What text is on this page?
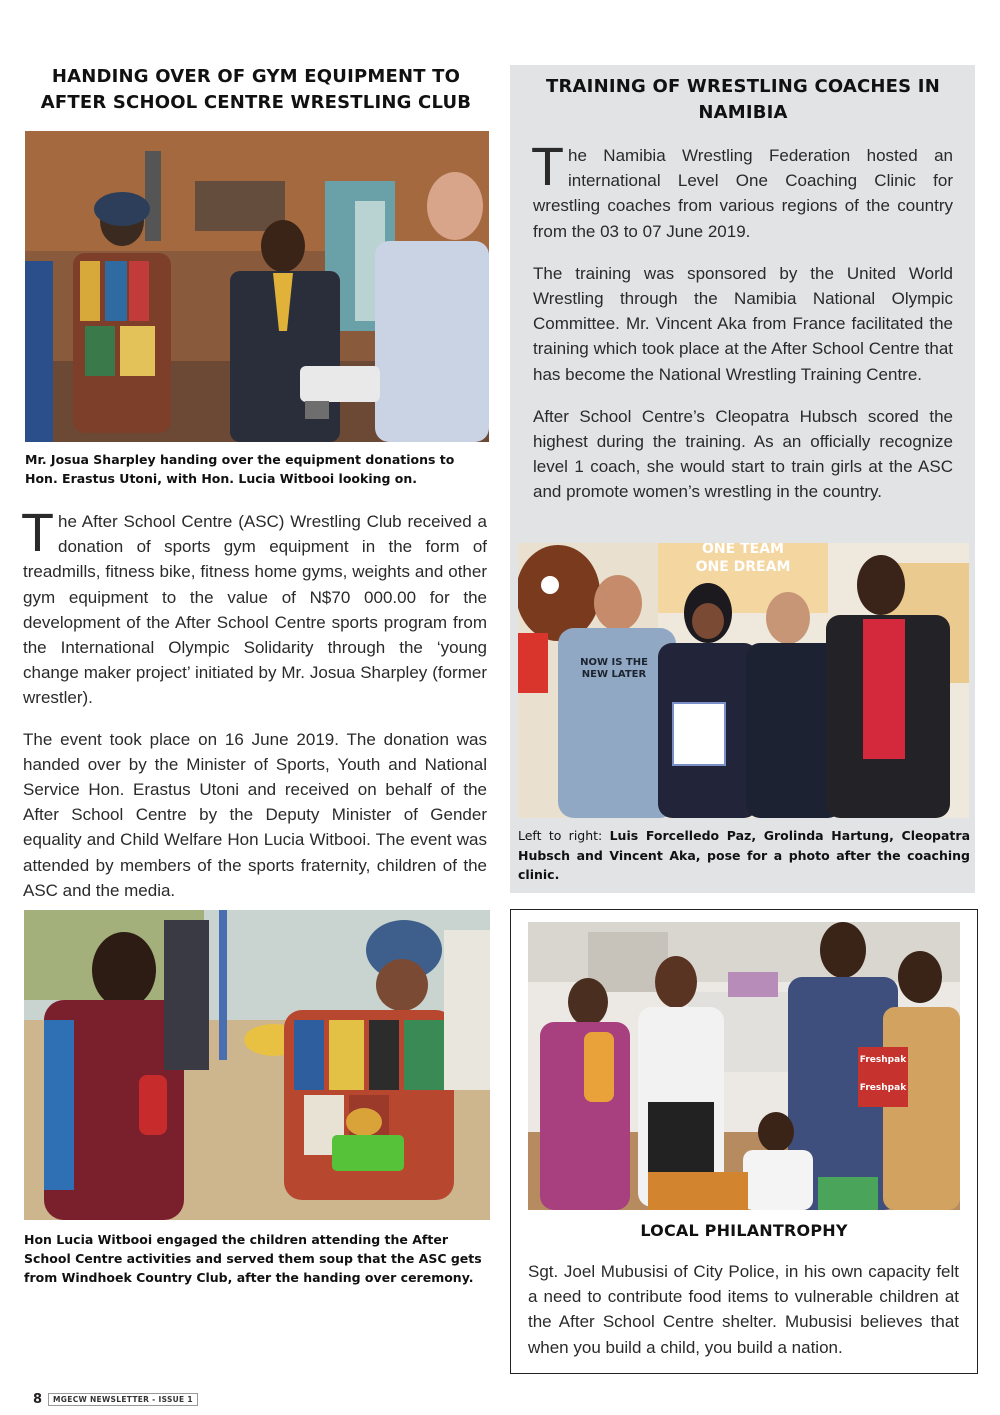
HANDING OVER OF GYM EQUIPMENT TO AFTER SCHOOL CENTRE WRESTLING CLUB

Mr. Josua Sharpley handing over the equipment donations to Hon. Erastus Utoni, with Hon. Lucia Witbooi looking on.

The After School Centre (ASC) Wrestling Club received a donation of sports gym equipment in the form of treadmills, fitness bike, fitness home gyms, weights and other gym equipment to the value of N$70 000.00 for the development of the After School Centre sports program from the International Olympic Solidarity through the ‘young change maker project’ initiated by Mr. Josua Sharpley (former wrestler).

The event took place on 16 June 2019. The donation was handed over by the Minister of Sports, Youth and National Service Hon. Erastus Utoni and received on behalf of the After School Centre by the Deputy Minister of Gender equality and Child Welfare Hon Lucia Witbooi. The event was attended by members of the sports fraternity, children of the ASC and the media.

Hon Lucia Witbooi engaged the children attending the After School Centre activities and served them soup that the ASC gets from Windhoek Country Club, after the handing over ceremony.

TRAINING OF WRESTLING COACHES IN NAMIBIA

The Namibia Wrestling Federation hosted an international Level One Coaching Clinic for wrestling coaches from various regions of the country from the 03 to 07 June 2019.

The training was sponsored by the United World Wrestling through the Namibia National Olympic Committee. Mr. Vincent Aka from France facilitated the training which took place at the After School Centre that has become the National Wrestling Training Centre.

After School Centre’s Cleopatra Hubsch scored the highest during the training. As an officially recognize level 1 coach, she would start to train girls at the ASC and promote women’s wrestling in the country.

ONE TEAM
ONE DREAM
NOW IS THE
NEW LATER

Left to right: Luis Forcelledo Paz, Grolinda Hartung, Cleopatra Hubsch and Vincent Aka, pose for a photo after the coaching clinic.

Freshpak
Freshpak
LOCAL PHILANTROPHY

Sgt. Joel Mubusisi of City Police, in his own capacity felt a need to contribute food items to vulnerable children at the After School Centre shelter. Mubusisi believes that when you build a child, you build a nation.

8	MGECW NEWSLETTER - ISSUE 1
